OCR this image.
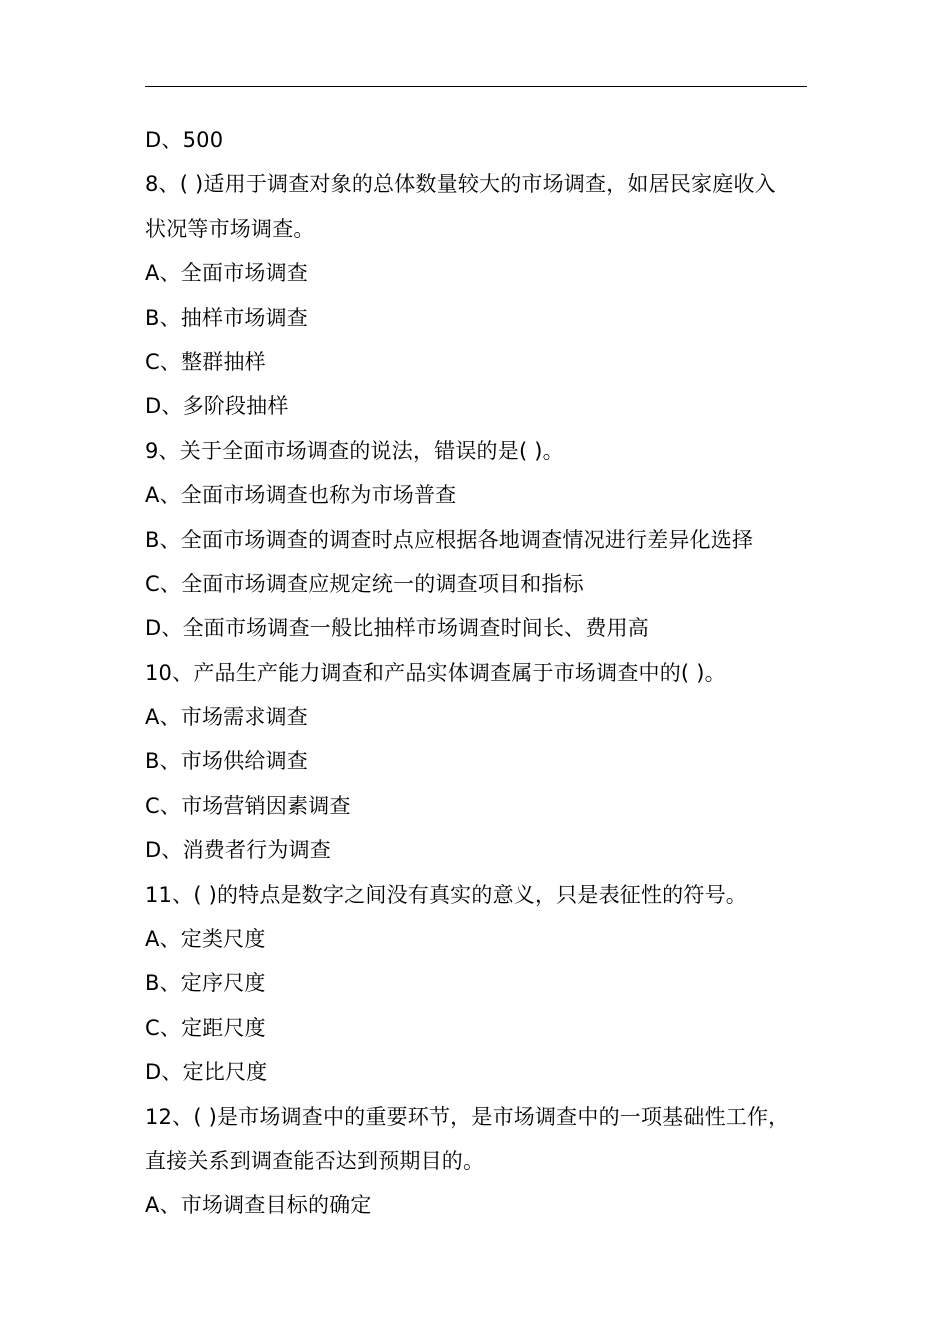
D、500
8、( )适用于调查对象的总体数量较大的市场调查，如居民家庭收入
状况等市场调查。
A、全面市场调查
B、抽样市场调查
C、整群抽样
D、多阶段抽样
9、关于全面市场调查的说法，错误的是( )。
A、全面市场调查也称为市场普查
B、全面市场调查的调查时点应根据各地调查情况进行差异化选择
C、全面市场调查应规定统一的调查项目和指标
D、全面市场调查一般比抽样市场调查时间长、费用高
10、产品生产能力调查和产品实体调查属于市场调查中的( )。
A、市场需求调查
B、市场供给调查
C、市场营销因素调查
D、消费者行为调查
11、( )的特点是数字之间没有真实的意义，只是表征性的符号。
A、定类尺度
B、定序尺度
C、定距尺度
D、定比尺度
12、( )是市场调查中的重要环节，是市场调查中的一项基础性工作，
直接关系到调查能否达到预期目的。
A、市场调查目标的确定
